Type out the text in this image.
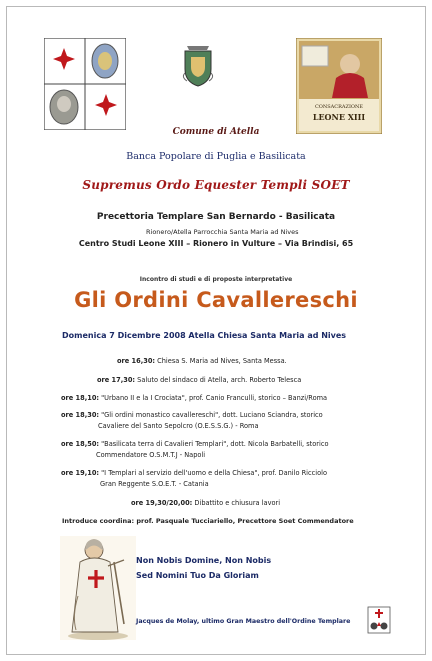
CONSACRAZIONE
LEONE XIII
Comune di Atella
Banca Popolare di Puglia e Basilicata
Supremus Ordo Equester Templi SOET
Precettoria Templare San Bernardo - Basilicata
Rionero/Atella Parrocchia Santa Maria ad Nives
Centro Studi Leone XIII – Rionero in Vulture – Via Brindisi, 65
Incontro di studi e di proposte interpretative
Gli Ordini Cavallereschi
Domenica 7 Dicembre 2008 Atella Chiesa Santa Maria ad Nives
ore 16,30: Chiesa S. Maria ad Nives, Santa Messa.
ore 17,30: Saluto del sindaco di Atella, arch. Roberto Telesca
ore 18,10: "Urbano II e la I Crociata", prof. Canio Franculli, storico – Banzi/Roma
ore 18,30: "Gli ordini monastico cavallereschi", dott. Luciano Sciandra, storico
Cavaliere del Santo Sepolcro (O.E.S.S.G.) - Roma
ore 18,50: "Basilicata terra di Cavalieri Templari", dott. Nicola Barbatelli, storico
Commendatore O.S.M.T.J - Napoli
ore 19,10: "I Templari al servizio dell'uomo e della Chiesa", prof. Danilo Ricciolo
Gran Reggente S.O.E.T. - Catania
ore 19,30/20,00: Dibattito e chiusura lavori
Introduce coordina: prof. Pasquale Tucciariello, Precettore Soet Commendatore
Non Nobis Domine, Non Nobis
Sed Nomini Tuo Da Gloriam
Jacques de Molay, ultimo Gran Maestro dell'Ordine Templare
